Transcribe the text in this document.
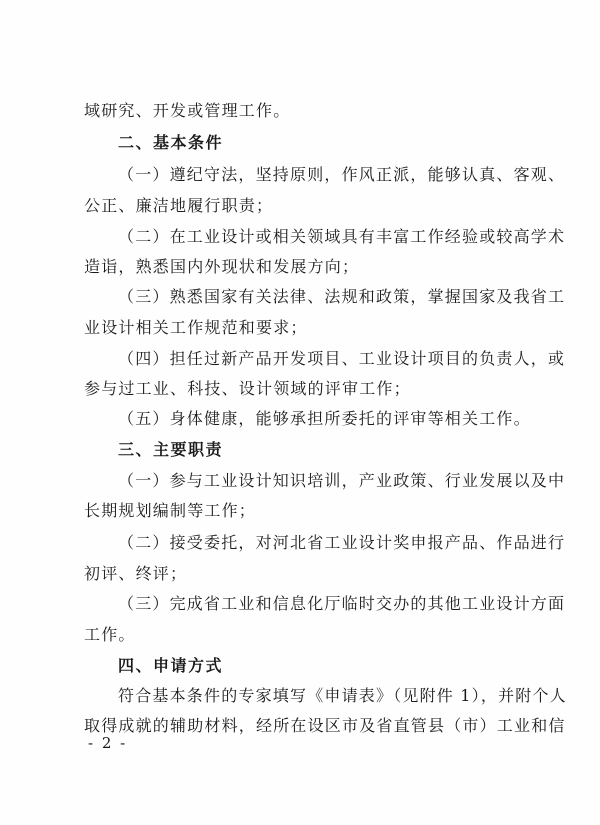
域研究、开发或管理工作。
二、基本条件
（一）遵纪守法，坚持原则，作风正派，能够认真、客观、
公正、廉洁地履行职责；
（二）在工业设计或相关领域具有丰富工作经验或较高学术
造诣，熟悉国内外现状和发展方向；
（三）熟悉国家有关法律、法规和政策，掌握国家及我省工
业设计相关工作规范和要求；
（四）担任过新产品开发项目、工业设计项目的负责人，或
参与过工业、科技、设计领域的评审工作；
（五）身体健康，能够承担所委托的评审等相关工作。
三、主要职责
（一）参与工业设计知识培训，产业政策、行业发展以及中
长期规划编制等工作；
（二）接受委托，对河北省工业设计奖申报产品、作品进行
初评、终评；
（三）完成省工业和信息化厅临时交办的其他工业设计方面
工作。
四、申请方式
符合基本条件的专家填写《申请表》（见附件 1），并附个人
取得成就的辅助材料，经所在设区市及省直管县（市）工业和信
- 2 -
